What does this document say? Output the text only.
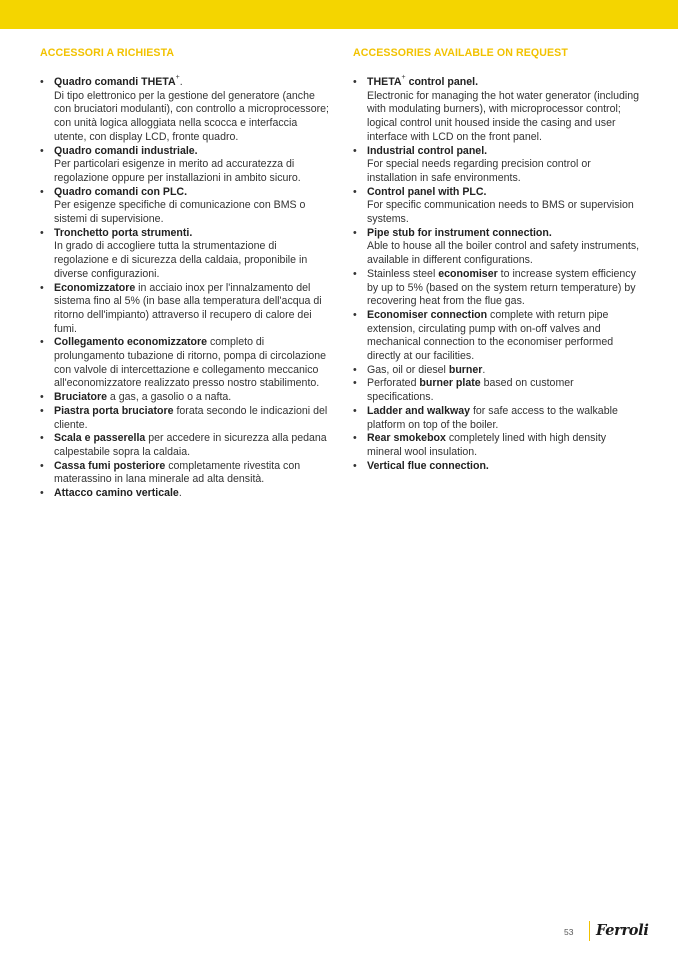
ACCESSORI A RICHIESTA
• Quadro comandi THETA+.
Di tipo elettronico per la gestione del generatore (anche con bruciatori modulanti), con controllo a microprocessore; con unità logica alloggiata nella scocca e interfaccia utente, con display LCD, fronte quadro.
• Quadro comandi industriale.
Per particolari esigenze in merito ad accuratezza di regolazione oppure per installazioni in ambito sicuro.
• Quadro comandi con PLC.
Per esigenze specifiche di comunicazione con BMS o sistemi di supervisione.
• Tronchetto porta strumenti.
In grado di accogliere tutta la strumentazione di regolazione e di sicurezza della caldaia, proponibile in diverse configurazioni.
• Economizzatore in acciaio inox per l'innalzamento del sistema fino al 5% (in base alla temperatura dell'acqua di ritorno dell'impianto) attraverso il recupero di calore dei fumi.
• Collegamento economizzatore completo di prolungamento tubazione di ritorno, pompa di circolazione con valvole di intercettazione e collegamento meccanico all'economizzatore realizzato presso nostro stabilimento.
• Bruciatore a gas, a gasolio o a nafta.
• Piastra porta bruciatore forata secondo le indicazioni del cliente.
• Scala e passerella per accedere in sicurezza alla pedana calpestabile sopra la caldaia.
• Cassa fumi posteriore completamente rivestita con materassino in lana minerale ad alta densità.
• Attacco camino verticale.
ACCESSORIES AVAILABLE ON REQUEST
• THETA+ control panel.
Electronic for managing the hot water generator (including with modulating burners), with microprocessor control; logical control unit housed inside the casing and user interface with LCD on the front panel.
• Industrial control panel.
For special needs regarding precision control or installation in safe environments.
• Control panel with PLC.
For specific communication needs to BMS or supervision systems.
• Pipe stub for instrument connection.
Able to house all the boiler control and safety instruments, available in different configurations.
• Stainless steel economiser to increase system efficiency by up to 5% (based on the system return temperature) by recovering heat from the flue gas.
• Economiser connection complete with return pipe extension, circulating pump with on-off valves and mechanical connection to the economiser performed directly at our facilities.
• Gas, oil or diesel burner.
• Perforated burner plate based on customer specifications.
• Ladder and walkway for safe access to the walkable platform on top of the boiler.
• Rear smokebox completely lined with high density mineral wool insulation.
• Vertical flue connection.
53 Ferroli
